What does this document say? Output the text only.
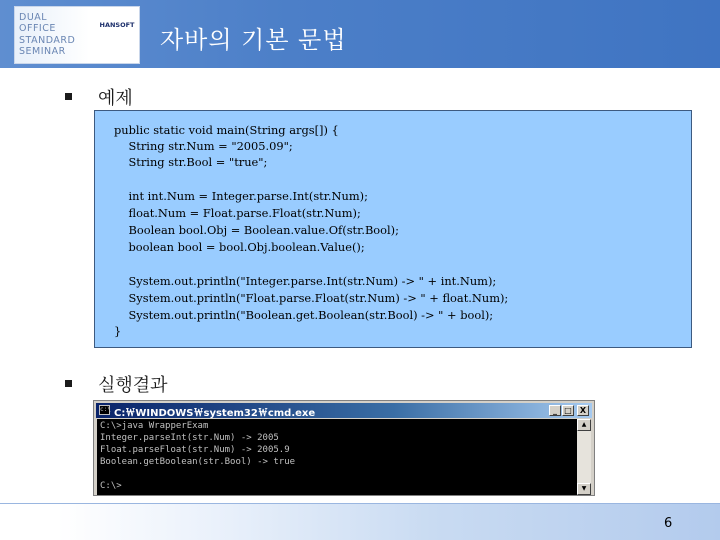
DUAL
OFFICE
STANDARD
SEMINAR
HANSOFT
자바의 기본 문법
예제
public static void main(String args[]) {
String str.Num = "2005.09";
String str.Bool = "true";
int int.Num = Integer.parse.Int(str.Num);
float.Num = Float.parse.Float(str.Num);
Boolean bool.Obj = Boolean.value.Of(str.Bool);
boolean bool = bool.Obj.boolean.Value();
System.out.println("Integer.parse.Int(str.Num) -> " + int.Num);
System.out.println("Float.parse.Float(str.Num) -> " + float.Num);
System.out.println("Boolean.get.Boolean(str.Bool) -> " + bool);
}
실행결과
c:\ C:￦WINDOWS￦system32￦cmd.exe	_ □	X
C:\>java WrapperExam
Integer.parseInt(str.Num) -> 2005
Float.parseFloat(str.Num) -> 2005.9
Boolean.getBoolean(str.Bool) -> true
C:\>
▲
▼
6
